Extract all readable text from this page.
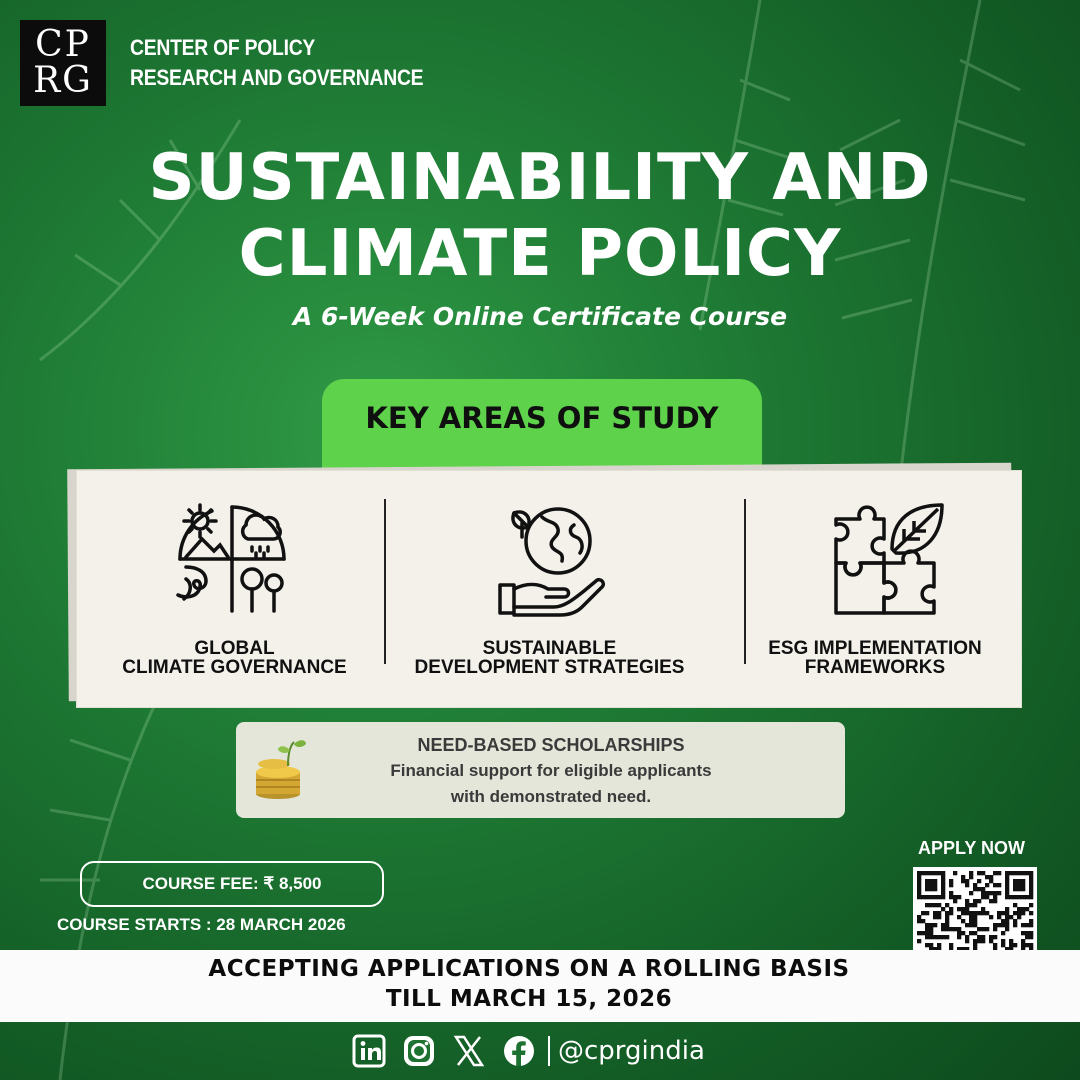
CP
RG
CENTER OF POLICY
RESEARCH AND GOVERNANCE
SUSTAINABILITY AND
CLIMATE POLICY
A 6-Week Online Certificate Course
KEY AREAS OF STUDY
GLOBAL
CLIMATE GOVERNANCE
SUSTAINABLE
DEVELOPMENT STRATEGIES
ESG IMPLEMENTATION
FRAMEWORKS
NEED-BASED SCHOLARSHIPS
Financial support for eligible applicants
with demonstrated need.
COURSE FEE: ₹ 8,500
COURSE STARTS : 28 MARCH 2026
APPLY NOW
ACCEPTING APPLICATIONS ON A ROLLING BASIS
TILL MARCH 15, 2026
@cprgindia
